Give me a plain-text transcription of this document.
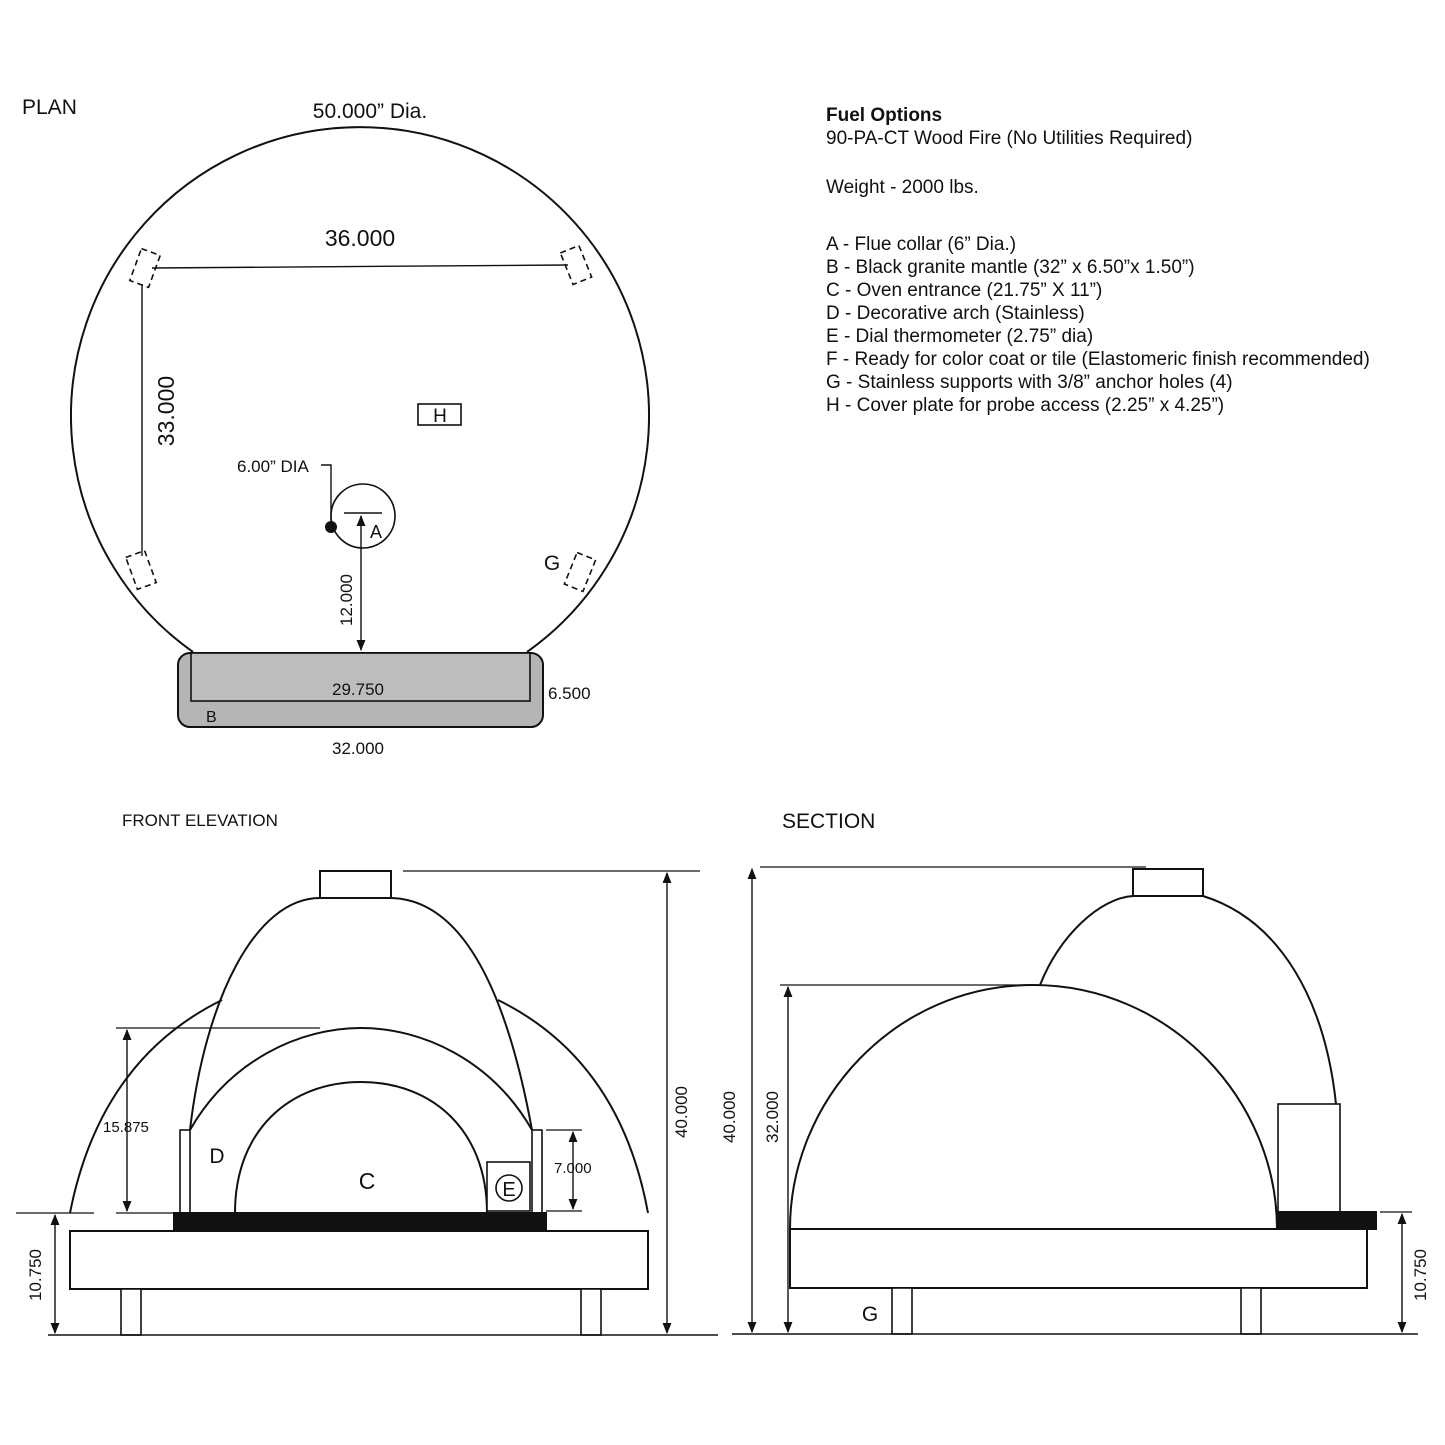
PLAN	50.000” Dia.
36.000
33.000	H
6.00” DIA
A
12.000
G
29.750
B
6.500
32.000
FRONT ELEVATION
15.875
D
C	E
7.000
40.000
10.750
SECTION
G
40.000 32.000
10.750
Fuel Options
90-PA-CT Wood Fire (No Utilities Required)
Weight - 2000 lbs.
A - Flue collar (6” Dia.)
B - Black granite mantle (32” x 6.50”x 1.50”)
C - Oven entrance (21.75” X 11”)
D - Decorative arch (Stainless)
E - Dial thermometer (2.75” dia)
F - Ready for color coat or tile (Elastomeric finish recommended)
G - Stainless supports with 3/8” anchor holes (4)
H - Cover plate for probe access (2.25” x 4.25”)
